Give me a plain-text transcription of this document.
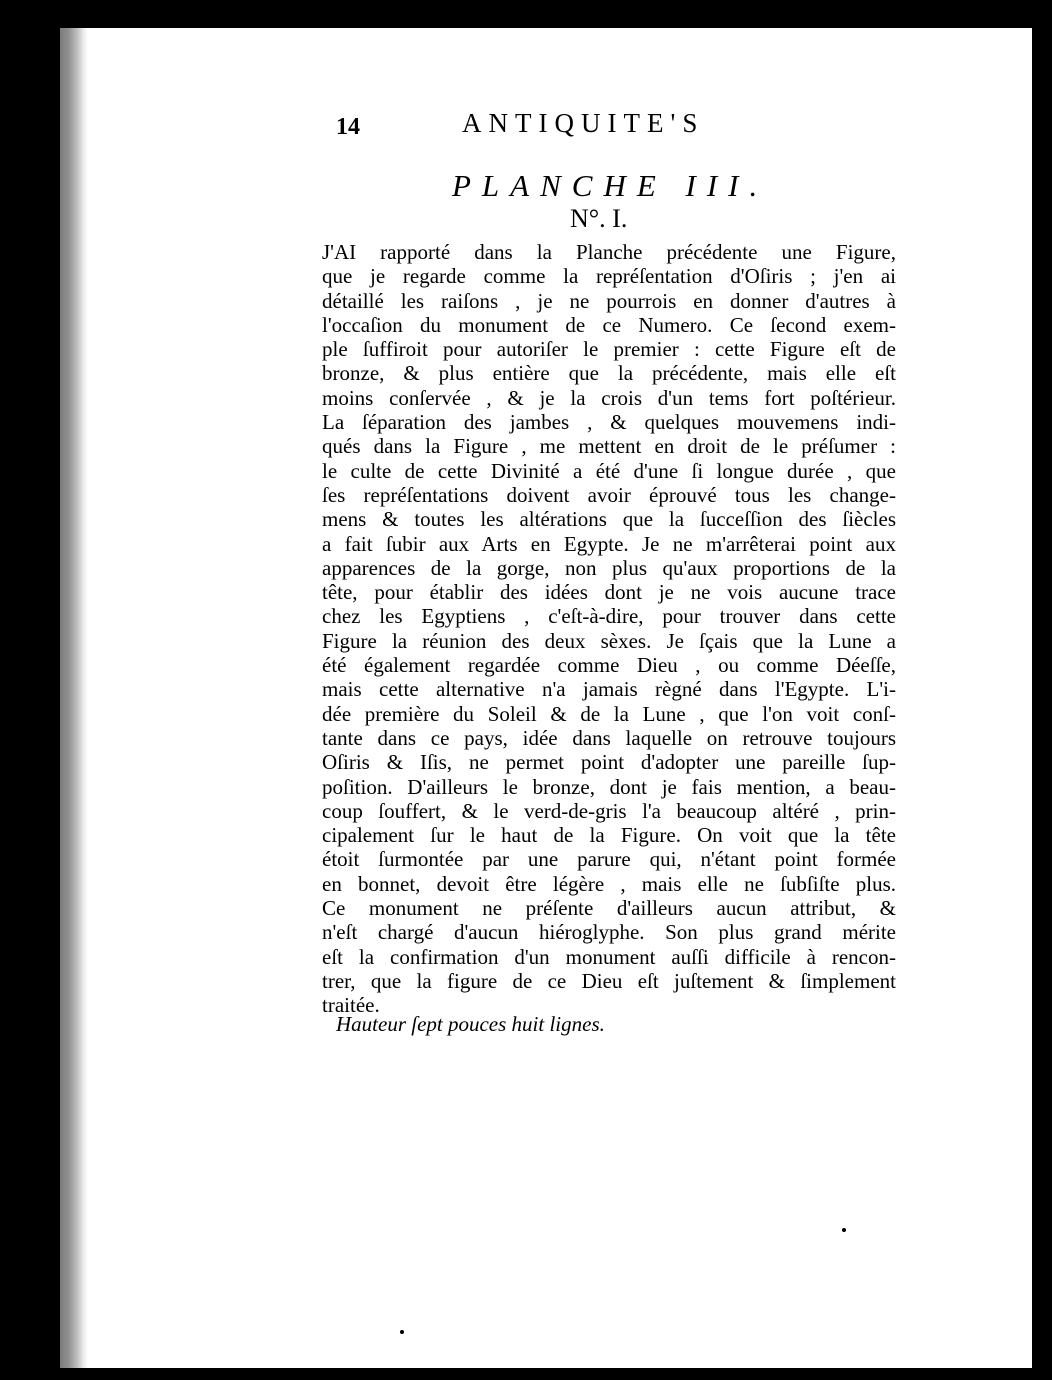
14	ANTIQUITE'S
PLANCHE III.
N°. I.
J'AI rapporté dans la Planche précédente une Figure,
que je regarde comme la repréſentation d'Oſiris ; j'en ai
détaillé les raiſons , je ne pourrois en donner d'autres à
l'occaſion du monument de ce Numero. Ce ſecond exem-
ple ſuffiroit pour autoriſer le premier : cette Figure eſt de
bronze, & plus entière que la précédente, mais elle eſt
moins conſervée , & je la crois d'un tems fort poſtérieur.
La ſéparation des jambes , & quelques mouvemens indi-
qués dans la Figure , me mettent en droit de le préſumer :
le culte de cette Divinité a été d'une ſi longue durée , que
ſes repréſentations doivent avoir éprouvé tous les change-
mens & toutes les altérations que la ſucceſſion des ſiècles
a fait ſubir aux Arts en Egypte. Je ne m'arrêterai point aux
apparences de la gorge, non plus qu'aux proportions de la
tête, pour établir des idées dont je ne vois aucune trace
chez les Egyptiens , c'eſt-à-dire, pour trouver dans cette
Figure la réunion des deux sèxes. Je ſçais que la Lune a
été également regardée comme Dieu , ou comme Déeſſe,
mais cette alternative n'a jamais règné dans l'Egypte. L'i-
dée première du Soleil & de la Lune , que l'on voit conſ-
tante dans ce pays, idée dans laquelle on retrouve toujours
Oſiris & Iſis, ne permet point d'adopter une pareille ſup-
poſition. D'ailleurs le bronze, dont je fais mention, a beau-
coup ſouffert, & le verd-de-gris l'a beaucoup altéré , prin-
cipalement ſur le haut de la Figure. On voit que la tête
étoit ſurmontée par une parure qui, n'étant point formée
en bonnet, devoit être légère , mais elle ne ſubſiſte plus.
Ce monument ne préſente d'ailleurs aucun attribut, &
n'eſt chargé d'aucun hiéroglyphe. Son plus grand mérite
eſt la confirmation d'un monument auſſi difficile à rencon-
trer, que la figure de ce Dieu eſt juſtement & ſimplement
traitée.
Hauteur ſept pouces huit lignes.
